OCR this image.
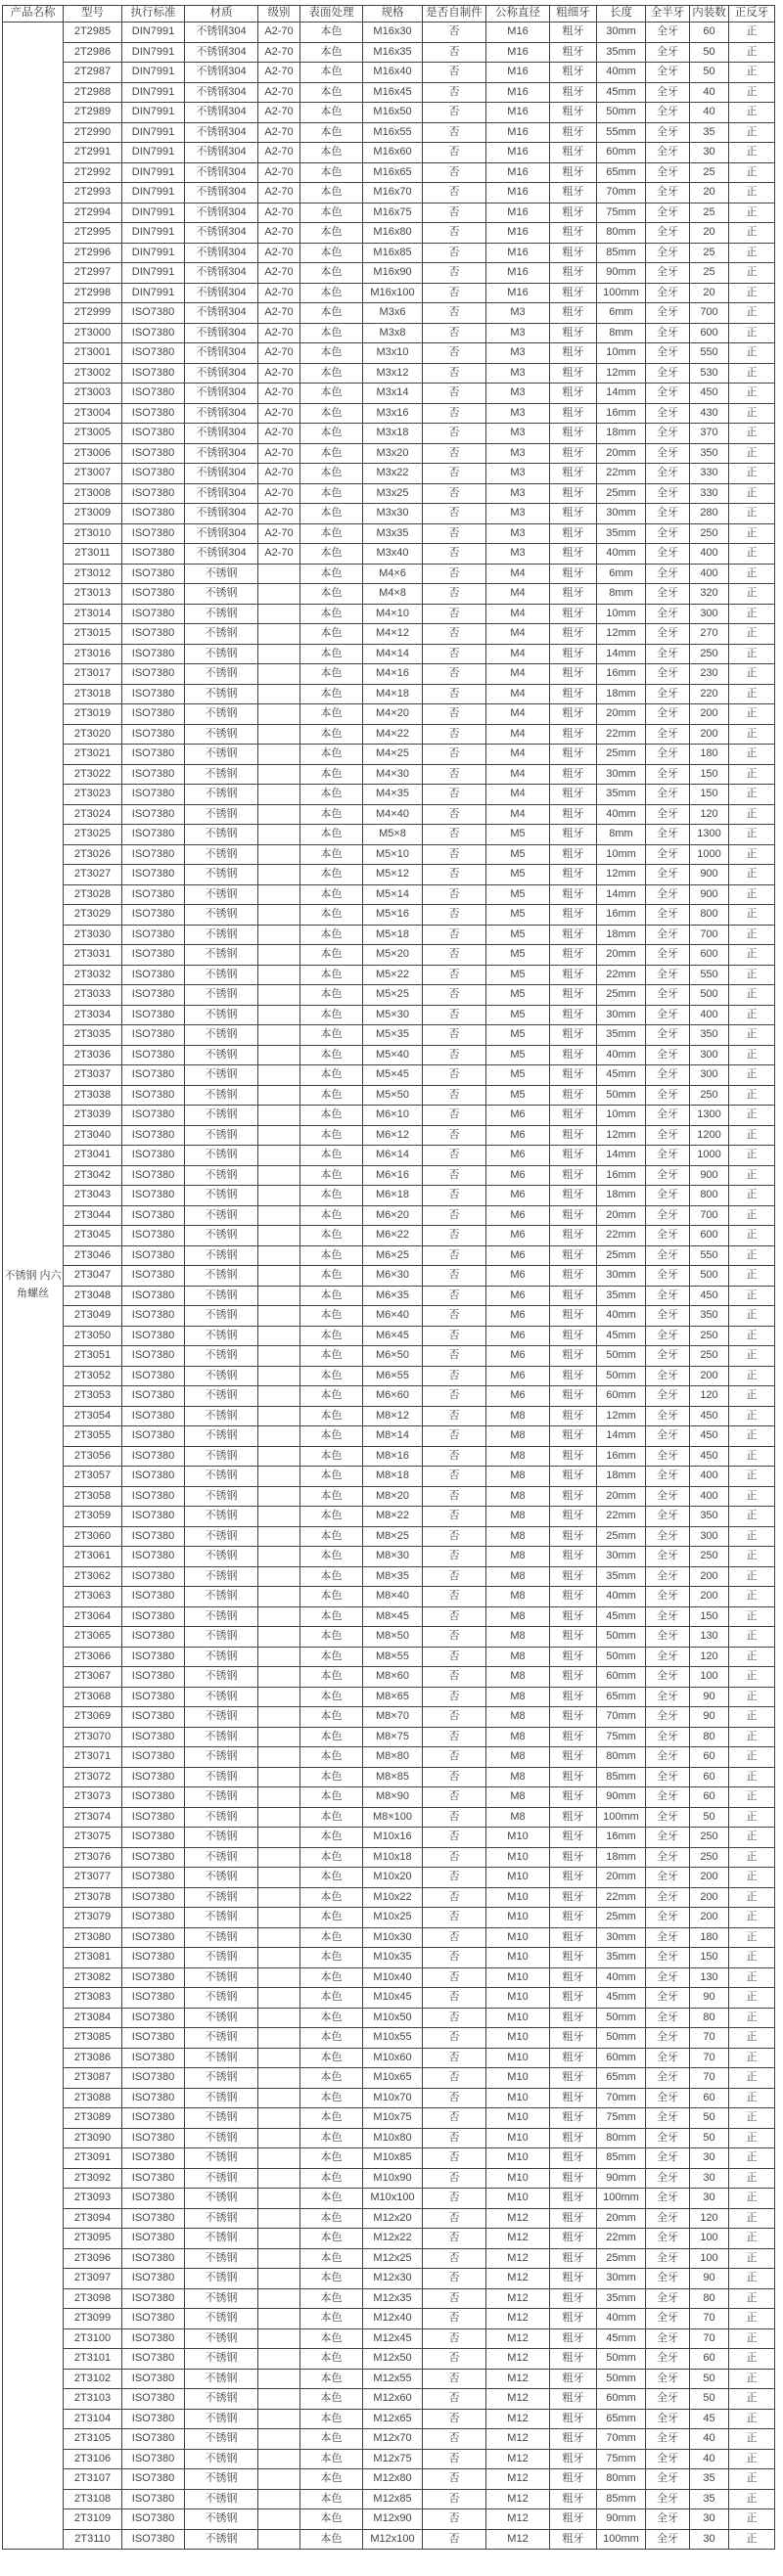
产品名称	型号	执行标准	材质	级别	表面处理	规格	是否自制件	公称直径	粗细牙	长度	全半牙	内装数	正反牙
不锈钢 内六角螺丝	2T2985	DIN7991	不锈钢304	A2-70	本色	M16x30	否	M16	粗牙	30mm	全牙	60	正
	2T2986	DIN7991	不锈钢304	A2-70	本色	M16x35	否	M16	粗牙	35mm	全牙	50	正
	2T2987	DIN7991	不锈钢304	A2-70	本色	M16x40	否	M16	粗牙	40mm	全牙	50	正
	2T2988	DIN7991	不锈钢304	A2-70	本色	M16x45	否	M16	粗牙	45mm	全牙	40	正
	2T2989	DIN7991	不锈钢304	A2-70	本色	M16x50	否	M16	粗牙	50mm	全牙	40	正
	2T2990	DIN7991	不锈钢304	A2-70	本色	M16x55	否	M16	粗牙	55mm	全牙	35	正
	2T2991	DIN7991	不锈钢304	A2-70	本色	M16x60	否	M16	粗牙	60mm	全牙	30	正
	2T2992	DIN7991	不锈钢304	A2-70	本色	M16x65	否	M16	粗牙	65mm	全牙	25	正
	2T2993	DIN7991	不锈钢304	A2-70	本色	M16x70	否	M16	粗牙	70mm	全牙	20	正
	2T2994	DIN7991	不锈钢304	A2-70	本色	M16x75	否	M16	粗牙	75mm	全牙	25	正
	2T2995	DIN7991	不锈钢304	A2-70	本色	M16x80	否	M16	粗牙	80mm	全牙	20	正
	2T2996	DIN7991	不锈钢304	A2-70	本色	M16x85	否	M16	粗牙	85mm	全牙	25	正
	2T2997	DIN7991	不锈钢304	A2-70	本色	M16x90	否	M16	粗牙	90mm	全牙	25	正
	2T2998	DIN7991	不锈钢304	A2-70	本色	M16x100	否	M16	粗牙	100mm	全牙	20	正
	2T2999	ISO7380	不锈钢304	A2-70	本色	M3x6	否	M3	粗牙	6mm	全牙	700	正
	2T3000	ISO7380	不锈钢304	A2-70	本色	M3x8	否	M3	粗牙	8mm	全牙	600	正
	2T3001	ISO7380	不锈钢304	A2-70	本色	M3x10	否	M3	粗牙	10mm	全牙	550	正
	2T3002	ISO7380	不锈钢304	A2-70	本色	M3x12	否	M3	粗牙	12mm	全牙	530	正
	2T3003	ISO7380	不锈钢304	A2-70	本色	M3x14	否	M3	粗牙	14mm	全牙	450	正
	2T3004	ISO7380	不锈钢304	A2-70	本色	M3x16	否	M3	粗牙	16mm	全牙	430	正
	2T3005	ISO7380	不锈钢304	A2-70	本色	M3x18	否	M3	粗牙	18mm	全牙	370	正
	2T3006	ISO7380	不锈钢304	A2-70	本色	M3x20	否	M3	粗牙	20mm	全牙	350	正
	2T3007	ISO7380	不锈钢304	A2-70	本色	M3x22	否	M3	粗牙	22mm	全牙	330	正
	2T3008	ISO7380	不锈钢304	A2-70	本色	M3x25	否	M3	粗牙	25mm	全牙	330	正
	2T3009	ISO7380	不锈钢304	A2-70	本色	M3x30	否	M3	粗牙	30mm	全牙	280	正
	2T3010	ISO7380	不锈钢304	A2-70	本色	M3x35	否	M3	粗牙	35mm	全牙	250	正
	2T3011	ISO7380	不锈钢304	A2-70	本色	M3x40	否	M3	粗牙	40mm	全牙	400	正
	2T3012	ISO7380	不锈钢		本色	M4×6	否	M4	粗牙	6mm	全牙	400	正
	2T3013	ISO7380	不锈钢		本色	M4×8	否	M4	粗牙	8mm	全牙	320	正
	2T3014	ISO7380	不锈钢		本色	M4×10	否	M4	粗牙	10mm	全牙	300	正
	2T3015	ISO7380	不锈钢		本色	M4×12	否	M4	粗牙	12mm	全牙	270	正
	2T3016	ISO7380	不锈钢		本色	M4×14	否	M4	粗牙	14mm	全牙	250	正
	2T3017	ISO7380	不锈钢		本色	M4×16	否	M4	粗牙	16mm	全牙	230	正
	2T3018	ISO7380	不锈钢		本色	M4×18	否	M4	粗牙	18mm	全牙	220	正
	2T3019	ISO7380	不锈钢		本色	M4×20	否	M4	粗牙	20mm	全牙	200	正
	2T3020	ISO7380	不锈钢		本色	M4×22	否	M4	粗牙	22mm	全牙	200	正
	2T3021	ISO7380	不锈钢		本色	M4×25	否	M4	粗牙	25mm	全牙	180	正
	2T3022	ISO7380	不锈钢		本色	M4×30	否	M4	粗牙	30mm	全牙	150	正
	2T3023	ISO7380	不锈钢		本色	M4×35	否	M4	粗牙	35mm	全牙	150	正
	2T3024	ISO7380	不锈钢		本色	M4×40	否	M4	粗牙	40mm	全牙	120	正
	2T3025	ISO7380	不锈钢		本色	M5×8	否	M5	粗牙	8mm	全牙	1300	正
	2T3026	ISO7380	不锈钢		本色	M5×10	否	M5	粗牙	10mm	全牙	1000	正
	2T3027	ISO7380	不锈钢		本色	M5×12	否	M5	粗牙	12mm	全牙	900	正
	2T3028	ISO7380	不锈钢		本色	M5×14	否	M5	粗牙	14mm	全牙	900	正
	2T3029	ISO7380	不锈钢		本色	M5×16	否	M5	粗牙	16mm	全牙	800	正
	2T3030	ISO7380	不锈钢		本色	M5×18	否	M5	粗牙	18mm	全牙	700	正
	2T3031	ISO7380	不锈钢		本色	M5×20	否	M5	粗牙	20mm	全牙	600	正
	2T3032	ISO7380	不锈钢		本色	M5×22	否	M5	粗牙	22mm	全牙	550	正
	2T3033	ISO7380	不锈钢		本色	M5×25	否	M5	粗牙	25mm	全牙	500	正
	2T3034	ISO7380	不锈钢		本色	M5×30	否	M5	粗牙	30mm	全牙	400	正
	2T3035	ISO7380	不锈钢		本色	M5×35	否	M5	粗牙	35mm	全牙	350	正
	2T3036	ISO7380	不锈钢		本色	M5×40	否	M5	粗牙	40mm	全牙	300	正
	2T3037	ISO7380	不锈钢		本色	M5×45	否	M5	粗牙	45mm	全牙	300	正
	2T3038	ISO7380	不锈钢		本色	M5×50	否	M5	粗牙	50mm	全牙	250	正
	2T3039	ISO7380	不锈钢		本色	M6×10	否	M6	粗牙	10mm	全牙	1300	正
	2T3040	ISO7380	不锈钢		本色	M6×12	否	M6	粗牙	12mm	全牙	1200	正
	2T3041	ISO7380	不锈钢		本色	M6×14	否	M6	粗牙	14mm	全牙	1000	正
	2T3042	ISO7380	不锈钢		本色	M6×16	否	M6	粗牙	16mm	全牙	900	正
	2T3043	ISO7380	不锈钢		本色	M6×18	否	M6	粗牙	18mm	全牙	800	正
	2T3044	ISO7380	不锈钢		本色	M6×20	否	M6	粗牙	20mm	全牙	700	正
	2T3045	ISO7380	不锈钢		本色	M6×22	否	M6	粗牙	22mm	全牙	600	正
	2T3046	ISO7380	不锈钢		本色	M6×25	否	M6	粗牙	25mm	全牙	550	正
	2T3047	ISO7380	不锈钢		本色	M6×30	否	M6	粗牙	30mm	全牙	500	正
	2T3048	ISO7380	不锈钢		本色	M6×35	否	M6	粗牙	35mm	全牙	450	正
	2T3049	ISO7380	不锈钢		本色	M6×40	否	M6	粗牙	40mm	全牙	350	正
	2T3050	ISO7380	不锈钢		本色	M6×45	否	M6	粗牙	45mm	全牙	250	正
	2T3051	ISO7380	不锈钢		本色	M6×50	否	M6	粗牙	50mm	全牙	250	正
	2T3052	ISO7380	不锈钢		本色	M6×55	否	M6	粗牙	50mm	全牙	200	正
	2T3053	ISO7380	不锈钢		本色	M6×60	否	M6	粗牙	60mm	全牙	120	正
	2T3054	ISO7380	不锈钢		本色	M8×12	否	M8	粗牙	12mm	全牙	450	正
	2T3055	ISO7380	不锈钢		本色	M8×14	否	M8	粗牙	14mm	全牙	450	正
	2T3056	ISO7380	不锈钢		本色	M8×16	否	M8	粗牙	16mm	全牙	450	正
	2T3057	ISO7380	不锈钢		本色	M8×18	否	M8	粗牙	18mm	全牙	400	正
	2T3058	ISO7380	不锈钢		本色	M8×20	否	M8	粗牙	20mm	全牙	400	正
	2T3059	ISO7380	不锈钢		本色	M8×22	否	M8	粗牙	22mm	全牙	350	正
	2T3060	ISO7380	不锈钢		本色	M8×25	否	M8	粗牙	25mm	全牙	300	正
	2T3061	ISO7380	不锈钢		本色	M8×30	否	M8	粗牙	30mm	全牙	250	正
	2T3062	ISO7380	不锈钢		本色	M8×35	否	M8	粗牙	35mm	全牙	200	正
	2T3063	ISO7380	不锈钢		本色	M8×40	否	M8	粗牙	40mm	全牙	200	正
	2T3064	ISO7380	不锈钢		本色	M8×45	否	M8	粗牙	45mm	全牙	150	正
	2T3065	ISO7380	不锈钢		本色	M8×50	否	M8	粗牙	50mm	全牙	130	正
	2T3066	ISO7380	不锈钢		本色	M8×55	否	M8	粗牙	50mm	全牙	120	正
	2T3067	ISO7380	不锈钢		本色	M8×60	否	M8	粗牙	60mm	全牙	100	正
	2T3068	ISO7380	不锈钢		本色	M8×65	否	M8	粗牙	65mm	全牙	90	正
	2T3069	ISO7380	不锈钢		本色	M8×70	否	M8	粗牙	70mm	全牙	90	正
	2T3070	ISO7380	不锈钢		本色	M8×75	否	M8	粗牙	75mm	全牙	80	正
	2T3071	ISO7380	不锈钢		本色	M8×80	否	M8	粗牙	80mm	全牙	60	正
	2T3072	ISO7380	不锈钢		本色	M8×85	否	M8	粗牙	85mm	全牙	60	正
	2T3073	ISO7380	不锈钢		本色	M8×90	否	M8	粗牙	90mm	全牙	60	正
	2T3074	ISO7380	不锈钢		本色	M8×100	否	M8	粗牙	100mm	全牙	50	正
	2T3075	ISO7380	不锈钢		本色	M10x16	否	M10	粗牙	16mm	全牙	250	正
	2T3076	ISO7380	不锈钢		本色	M10x18	否	M10	粗牙	18mm	全牙	250	正
	2T3077	ISO7380	不锈钢		本色	M10x20	否	M10	粗牙	20mm	全牙	200	正
	2T3078	ISO7380	不锈钢		本色	M10x22	否	M10	粗牙	22mm	全牙	200	正
	2T3079	ISO7380	不锈钢		本色	M10x25	否	M10	粗牙	25mm	全牙	200	正
	2T3080	ISO7380	不锈钢		本色	M10x30	否	M10	粗牙	30mm	全牙	180	正
	2T3081	ISO7380	不锈钢		本色	M10x35	否	M10	粗牙	35mm	全牙	150	正
	2T3082	ISO7380	不锈钢		本色	M10x40	否	M10	粗牙	40mm	全牙	130	正
	2T3083	ISO7380	不锈钢		本色	M10x45	否	M10	粗牙	45mm	全牙	90	正
	2T3084	ISO7380	不锈钢		本色	M10x50	否	M10	粗牙	50mm	全牙	80	正
	2T3085	ISO7380	不锈钢		本色	M10x55	否	M10	粗牙	50mm	全牙	70	正
	2T3086	ISO7380	不锈钢		本色	M10x60	否	M10	粗牙	60mm	全牙	70	正
	2T3087	ISO7380	不锈钢		本色	M10x65	否	M10	粗牙	65mm	全牙	70	正
	2T3088	ISO7380	不锈钢		本色	M10x70	否	M10	粗牙	70mm	全牙	60	正
	2T3089	ISO7380	不锈钢		本色	M10x75	否	M10	粗牙	75mm	全牙	50	正
	2T3090	ISO7380	不锈钢		本色	M10x80	否	M10	粗牙	80mm	全牙	50	正
	2T3091	ISO7380	不锈钢		本色	M10x85	否	M10	粗牙	85mm	全牙	30	正
	2T3092	ISO7380	不锈钢		本色	M10x90	否	M10	粗牙	90mm	全牙	30	正
	2T3093	ISO7380	不锈钢		本色	M10x100	否	M10	粗牙	100mm	全牙	30	正
	2T3094	ISO7380	不锈钢		本色	M12x20	否	M12	粗牙	20mm	全牙	120	正
	2T3095	ISO7380	不锈钢		本色	M12x22	否	M12	粗牙	22mm	全牙	100	正
	2T3096	ISO7380	不锈钢		本色	M12x25	否	M12	粗牙	25mm	全牙	100	正
	2T3097	ISO7380	不锈钢		本色	M12x30	否	M12	粗牙	30mm	全牙	90	正
	2T3098	ISO7380	不锈钢		本色	M12x35	否	M12	粗牙	35mm	全牙	80	正
	2T3099	ISO7380	不锈钢		本色	M12x40	否	M12	粗牙	40mm	全牙	70	正
	2T3100	ISO7380	不锈钢		本色	M12x45	否	M12	粗牙	45mm	全牙	70	正
	2T3101	ISO7380	不锈钢		本色	M12x50	否	M12	粗牙	50mm	全牙	60	正
	2T3102	ISO7380	不锈钢		本色	M12x55	否	M12	粗牙	50mm	全牙	50	正
	2T3103	ISO7380	不锈钢		本色	M12x60	否	M12	粗牙	60mm	全牙	50	正
	2T3104	ISO7380	不锈钢		本色	M12x65	否	M12	粗牙	65mm	全牙	45	正
	2T3105	ISO7380	不锈钢		本色	M12x70	否	M12	粗牙	70mm	全牙	40	正
	2T3106	ISO7380	不锈钢		本色	M12x75	否	M12	粗牙	75mm	全牙	40	正
	2T3107	ISO7380	不锈钢		本色	M12x80	否	M12	粗牙	80mm	全牙	35	正
	2T3108	ISO7380	不锈钢		本色	M12x85	否	M12	粗牙	85mm	全牙	35	正
	2T3109	ISO7380	不锈钢		本色	M12x90	否	M12	粗牙	90mm	全牙	30	正
	2T3110	ISO7380	不锈钢		本色	M12x100	否	M12	粗牙	100mm	全牙	30	正
